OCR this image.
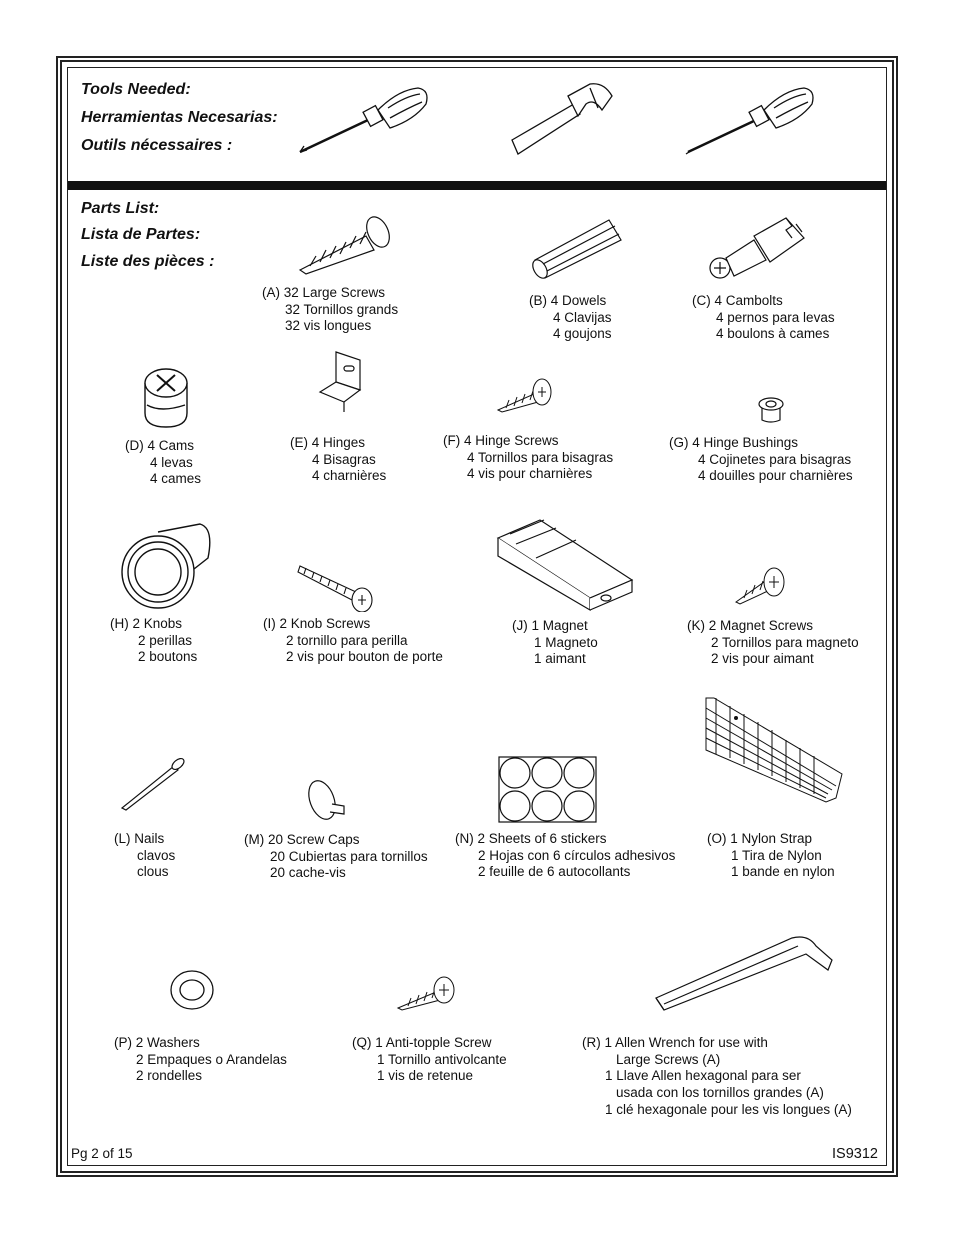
Tools Needed:
Herramientas Necesarias:
Outils nécessaires :
Parts List:
Lista de Partes:
Liste des pièces :
(A) 32 Large Screws
32 Tornillos grands
32 vis longues
(B) 4 Dowels
4 Clavijas
4 goujons
(C) 4 Cambolts
4 pernos para levas
4 boulons à cames
(D) 4 Cams
4 levas
4 cames
(E) 4 Hinges
4 Bisagras
4 charnières
(F) 4 Hinge Screws
4 Tornillos para bisagras
4 vis pour charnières
(G) 4 Hinge Bushings
4 Cojinetes para bisagras
4 douilles pour charnières
(H) 2 Knobs
2 perillas
2 boutons
(I) 2 Knob Screws
2 tornillo para perilla
2 vis pour bouton de porte
(J) 1 Magnet
1 Magneto
1 aimant
(K) 2 Magnet Screws
2 Tornillos para magneto
2 vis pour aimant
(L) Nails
clavos
clous
(M) 20 Screw Caps
20 Cubiertas para tornillos
20 cache-vis
(N) 2 Sheets of 6 stickers
2 Hojas con 6 círculos adhesivos
2 feuille de 6 autocollants
(O) 1 Nylon Strap
1 Tira de Nylon
1 bande en nylon
(P) 2 Washers
2 Empaques o Arandelas
2 rondelles
(Q) 1 Anti-topple Screw
1 Tornillo antivolcante
1 vis de retenue
(R) 1 Allen Wrench for use with
Large Screws (A)
1 Llave Allen hexagonal para ser
usada con los tornillos grandes (A)
1 clé hexagonale pour les vis longues (A)
Pg 2 of 15	IS9312
